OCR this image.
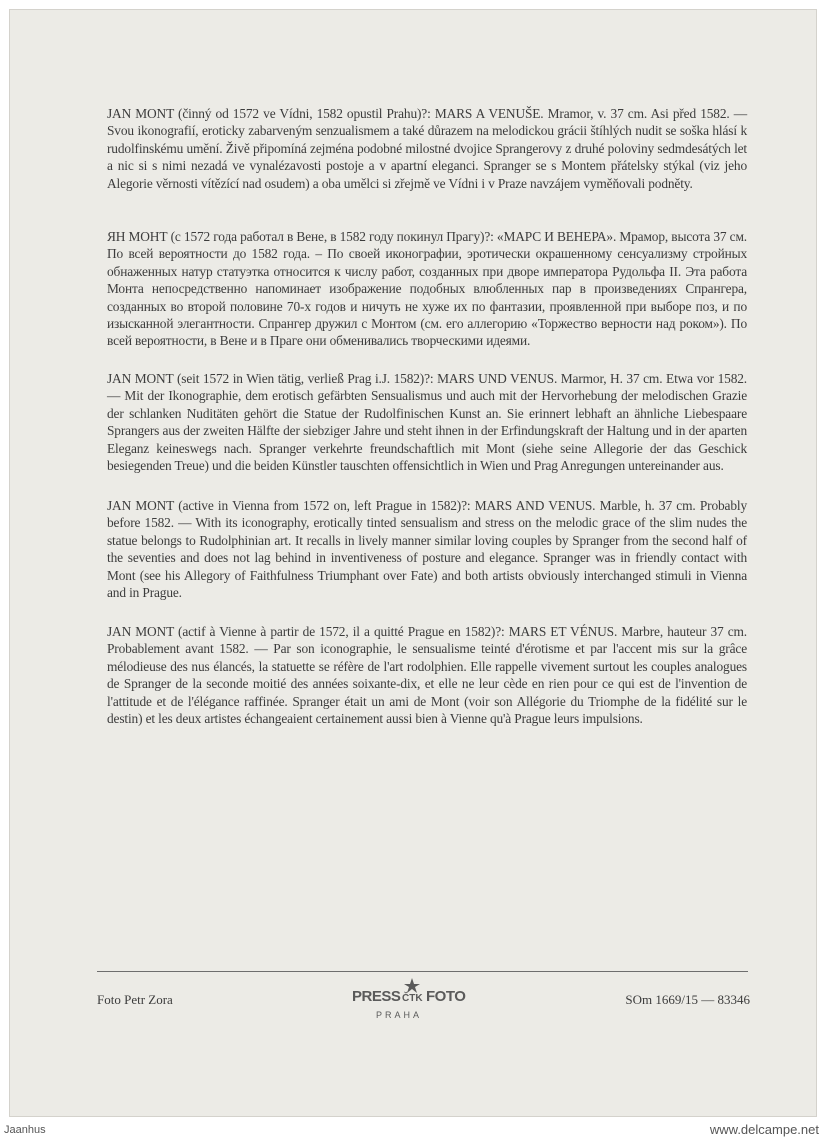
JAN MONT (činný od 1572 ve Vídni, 1582 opustil Prahu)?: MARS A VENUŠE. Mramor, v. 37 cm. Asi před 1582. — Svou ikonografií, eroticky zabarveným senzualismem a také důrazem na melodickou grácii štíhlých nudit se soška hlásí k rudolfinskému umění. Živě připomíná zejména podobné milostné dvojice Sprangerovy z druhé poloviny sedmdesátých let a nic si s nimi nezadá ve vynalézavosti postoje a v apartní eleganci. Spranger se s Montem přátelsky stýkal (viz jeho Alegorie věrnosti vítězící nad osudem) a oba umělci si zřejmě ve Vídni i v Praze navzájem vyměňovali podněty.
ЯН МОНТ (с 1572 года работал в Вене, в 1582 году покинул Прагу)?: «МАРС И ВЕНЕРА». Мрамор, высота 37 см. По всей вероятности до 1582 года. – По своей иконографии, эротически окрашенному сенсуализму стройных обнаженных натур статуэтка относится к числу работ, созданных при дворе императора Рудольфа II. Эта работа Монта непосредственно напоминает изображение подобных влюбленных пар в произведениях Спрангера, созданных во второй половине 70-х годов и ничуть не хуже их по фантазии, проявленной при выборе поз, и по изысканной элегантности. Спрангер дружил с Монтом (см. его аллегорию «Торжество верности над роком»). По всей вероятности, в Вене и в Праге они обменивались творческими идеями.
JAN MONT (seit 1572 in Wien tätig, verließ Prag i.J. 1582)?: MARS UND VENUS. Marmor, H. 37 cm. Etwa vor 1582. — Mit der Ikonographie, dem erotisch gefärbten Sensualismus und auch mit der Hervorhebung der melodischen Grazie der schlanken Nuditäten gehört die Statue der Rudolfinischen Kunst an. Sie erinnert lebhaft an ähnliche Liebespaare Sprangers aus der zweiten Hälfte der siebziger Jahre und steht ihnen in der Erfindungskraft der Haltung und in der aparten Eleganz keineswegs nach. Spranger verkehrte freundschaftlich mit Mont (siehe seine Allegorie der das Geschick besiegenden Treue) und die beiden Künstler tauschten offensichtlich in Wien und Prag Anregungen untereinander aus.
JAN MONT (active in Vienna from 1572 on, left Prague in 1582)?: MARS AND VENUS. Marble, h. 37 cm. Probably before 1582. — With its iconography, erotically tinted sensualism and stress on the melodic grace of the slim nudes the statue belongs to Rudolphinian art. It recalls in lively manner similar loving couples by Spranger from the second half of the seventies and does not lag behind in inventiveness of posture and elegance. Spranger was in friendly contact with Mont (see his Allegory of Faithfulness Triumphant over Fate) and both artists obviously interchanged stimuli in Vienna and in Prague.
JAN MONT (actif à Vienne à partir de 1572, il a quitté Prague en 1582)?: MARS ET VÉNUS. Marbre, hauteur 37 cm. Probablement avant 1582. — Par son iconographie, le sensualisme teinté d'érotisme et par l'accent mis sur la grâce mélodieuse des nus élancés, la statuette se réfère de l'art rodolphien. Elle rappelle vivement surtout les couples analogues de Spranger de la seconde moitié des années soixante-dix, et elle ne leur cède en rien pour ce qui est de l'invention de l'attitude et de l'élégance raffinée. Spranger était un ami de Mont (voir son Allégorie du Triomphe de la fidélité sur le destin) et les deux artistes échangeaient certainement aussi bien à Vienne qu'à Prague leurs impulsions.
Foto Petr Zora	PRESS ČTK FOTO
PRAHA
SOm 1669/15 — 83346
Jaanhus	www.delcampe.net
